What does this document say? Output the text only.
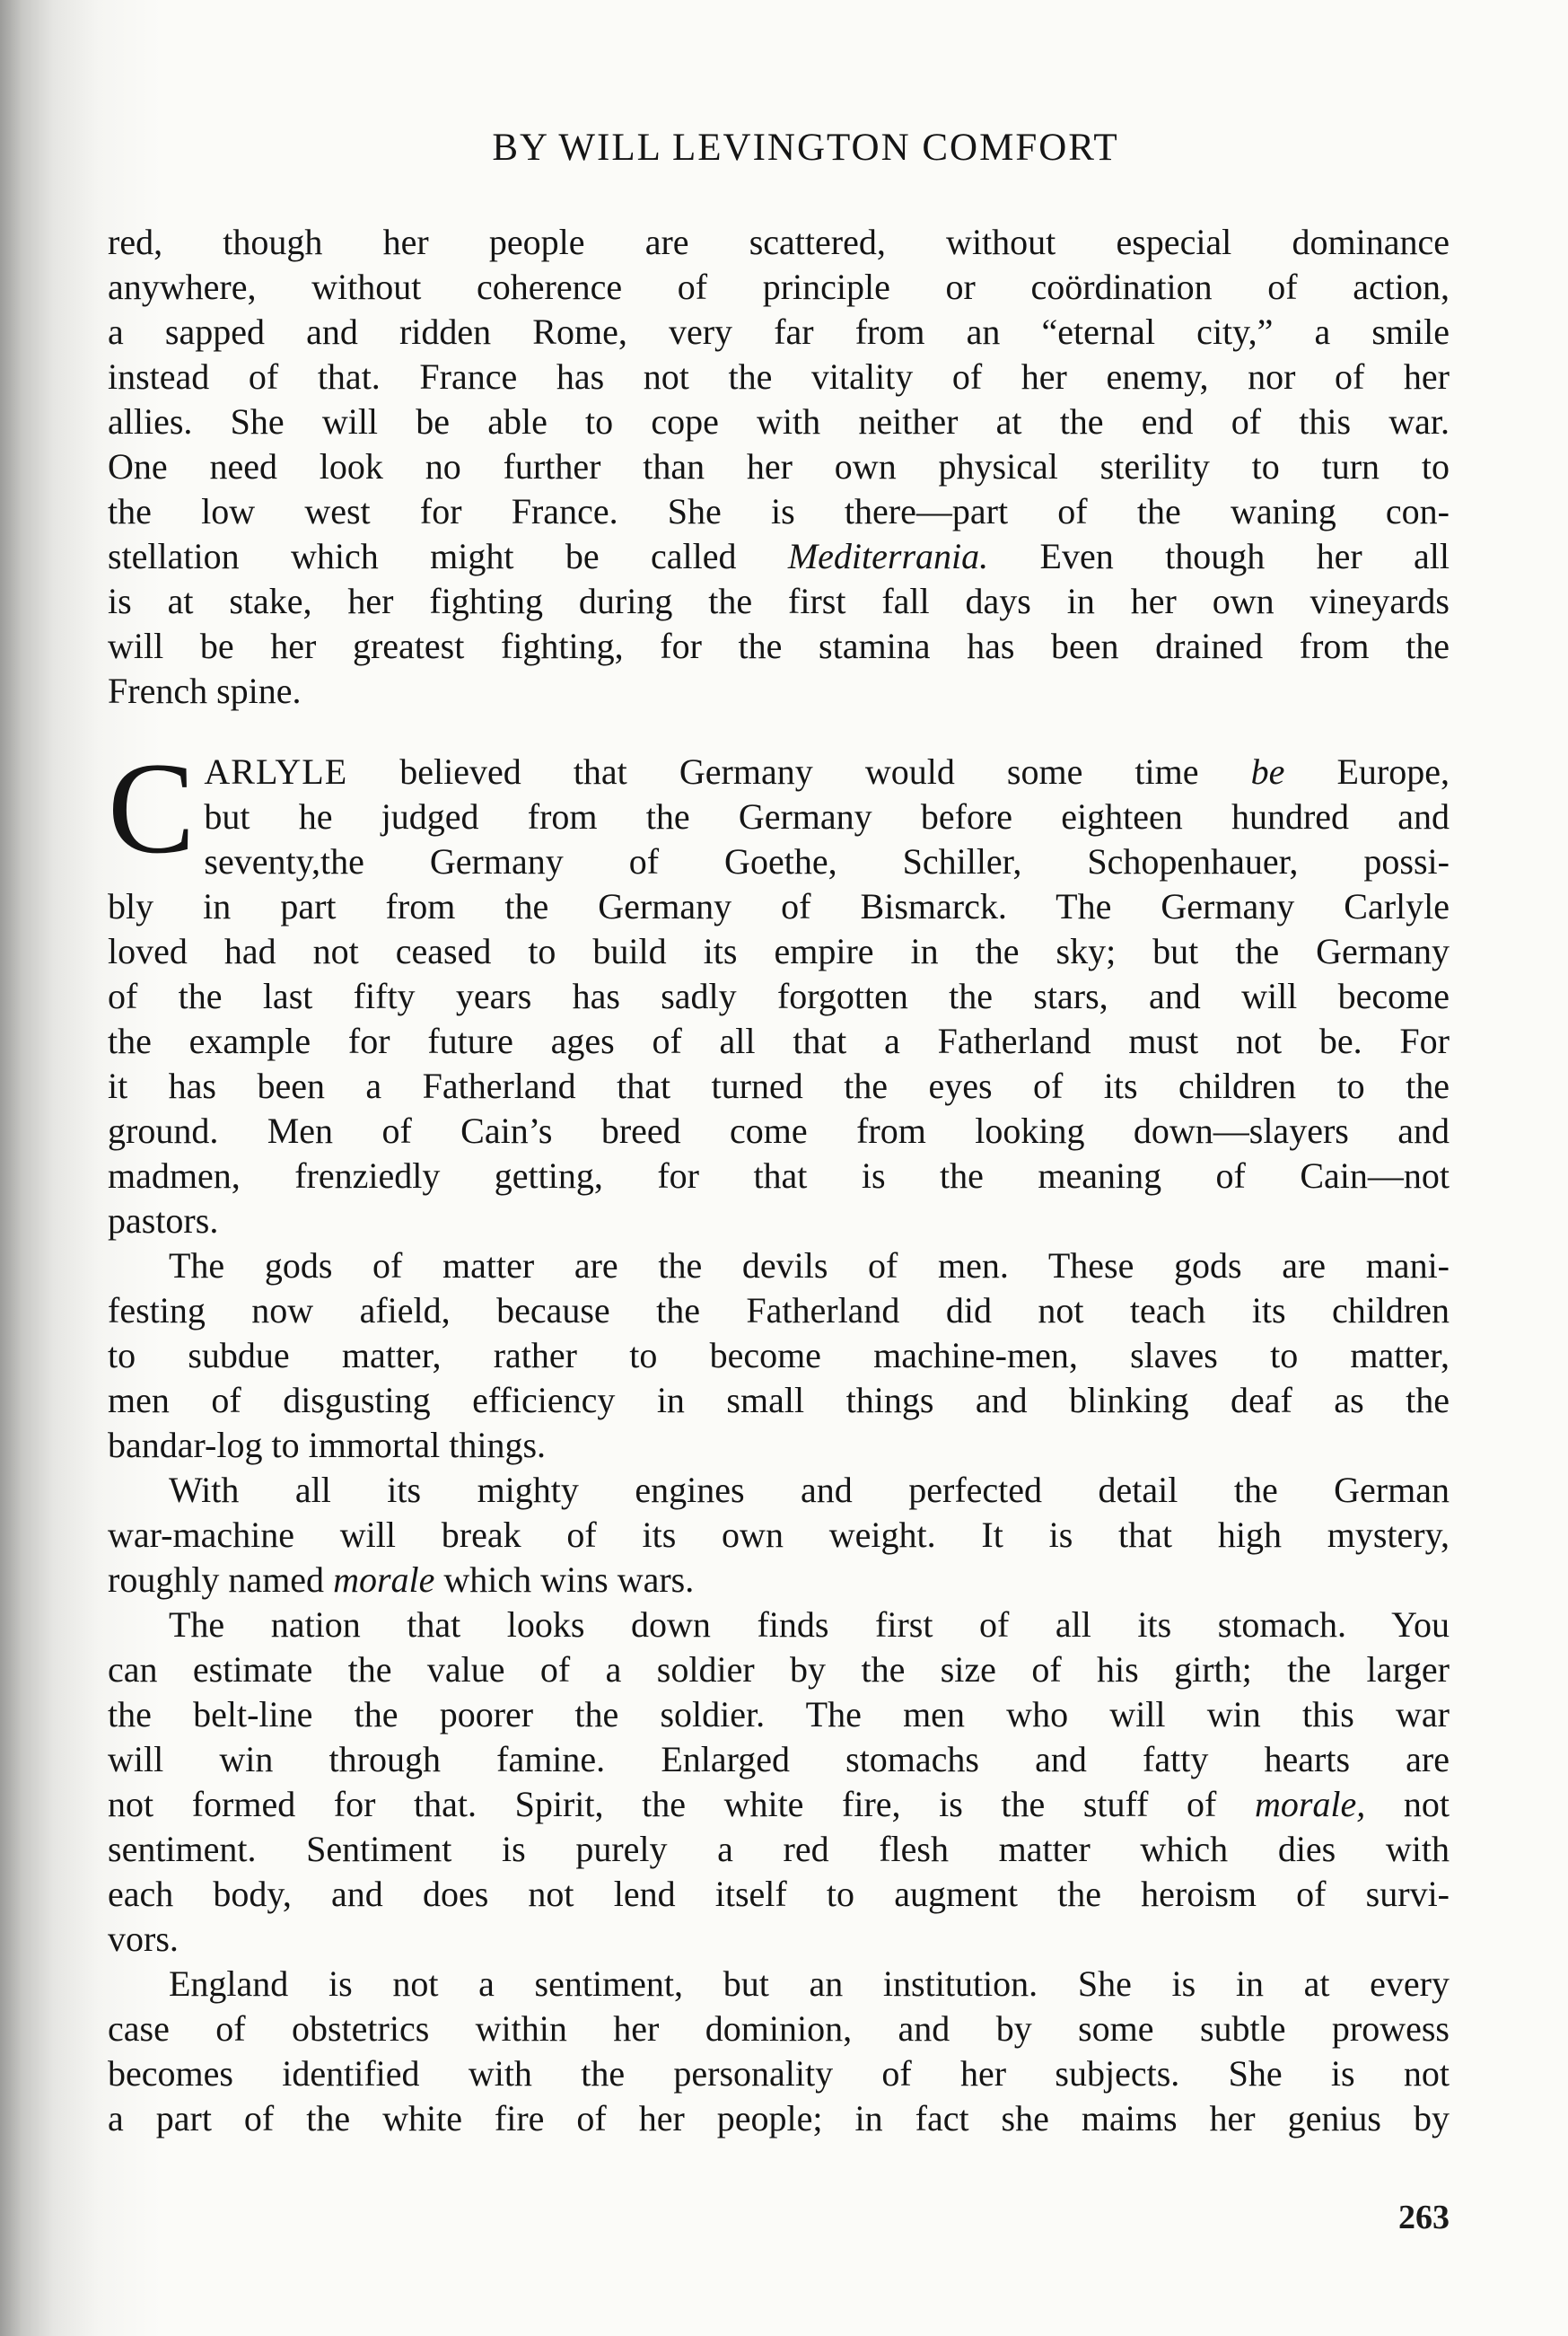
BY WILL LEVINGTON COMFORT
red, though her people are scattered, without especial dominance
anywhere, without coherence of principle or coördination of action,
a sapped and ridden Rome, very far from an “eternal city,” a smile
instead of that. France has not the vitality of her enemy, nor of her
allies. She will be able to cope with neither at the end of this war.
One need look no further than her own physical sterility to turn to
the low west for France. She is there—part of the waning con-
stellation which might be called Mediterrania. Even though her all
is at stake, her fighting during the first fall days in her own vineyards
will be her greatest fighting, for the stamina has been drained from the
French spine.
C ARLYLE believed that Germany would some time be Europe,
but he judged from the Germany before eighteen hundred and
seventy,the Germany of Goethe, Schiller, Schopenhauer, possi-
bly in part from the Germany of Bismarck. The Germany Carlyle
loved had not ceased to build its empire in the sky; but the Germany
of the last fifty years has sadly forgotten the stars, and will become
the example for future ages of all that a Fatherland must not be. For
it has been a Fatherland that turned the eyes of its children to the
ground. Men of Cain’s breed come from looking down—slayers and
madmen, frenziedly getting, for that is the meaning of Cain—not
pastors.
The gods of matter are the devils of men. These gods are mani-
festing now afield, because the Fatherland did not teach its children
to subdue matter, rather to become machine-men, slaves to matter,
men of disgusting efficiency in small things and blinking deaf as the
bandar-log to immortal things.
With all its mighty engines and perfected detail the German
war-machine will break of its own weight. It is that high mystery,
roughly named morale which wins wars.
The nation that looks down finds first of all its stomach. You
can estimate the value of a soldier by the size of his girth; the larger
the belt-line the poorer the soldier. The men who will win this war
will win through famine. Enlarged stomachs and fatty hearts are
not formed for that. Spirit, the white fire, is the stuff of morale, not
sentiment. Sentiment is purely a red flesh matter which dies with
each body, and does not lend itself to augment the heroism of survi-
vors.
England is not a sentiment, but an institution. She is in at every
case of obstetrics within her dominion, and by some subtle prowess
becomes identified with the personality of her subjects. She is not
a part of the white fire of her people; in fact she maims her genius by
263
